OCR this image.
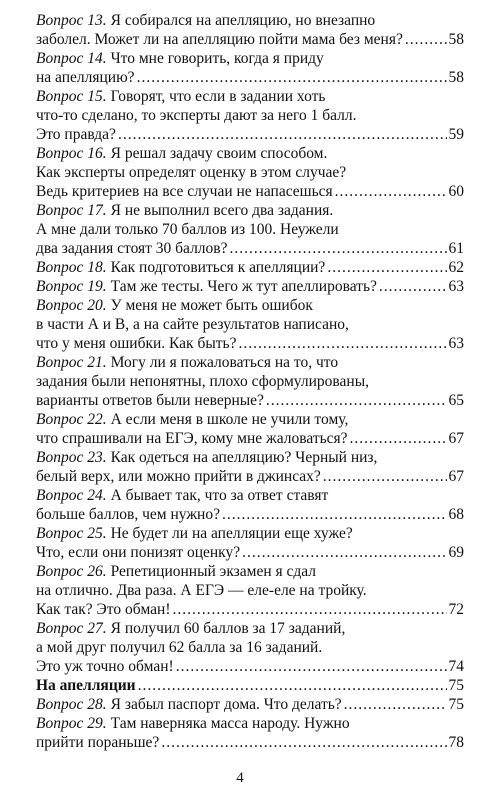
Вопрос 13. Я собирался на апелляцию, но внезапно
заболел. Может ли на апелляцию пойти мама без меня? .....	58
Вопрос 14. Что мне говорить, когда я приду
на апелляцию? .....	58
Вопрос 15. Говорят, что если в задании хоть
что-то сделано, то эксперты дают за него 1 балл.
Это правда? .....	59
Вопрос 16. Я решал задачу своим способом.
Как эксперты определят оценку в этом случае?
Ведь критериев на все случаи не напасешься .....	60
Вопрос 17. Я не выполнил всего два задания.
А мне дали только 70 баллов из 100. Неужели
два задания стоят 30 баллов? .....	61
Вопрос 18. Как подготовиться к апелляции? .....	62
Вопрос 19. Там же тесты. Чего ж тут апеллировать? .....	63
Вопрос 20. У меня не может быть ошибок
в части А и В, а на сайте результатов написано,
что у меня ошибки. Как быть? .....	63
Вопрос 21. Могу ли я пожаловаться на то, что
задания были непонятны, плохо сформулированы,
варианты ответов были неверные? .....	65
Вопрос 22. А если меня в школе не учили тому,
что спрашивали на ЕГЭ, кому мне жаловаться? .....	67
Вопрос 23. Как одеться на апелляцию? Черный низ,
белый верх, или можно прийти в джинсах? .....	67
Вопрос 24. А бывает так, что за ответ ставят
больше баллов, чем нужно? .....	68
Вопрос 25. Не будет ли на апелляции еще хуже?
Что, если они понизят оценку? .....	69
Вопрос 26. Репетиционный экзамен я сдал
на отлично. Два раза. А ЕГЭ — еле-еле на тройку.
Как так? Это обман! .....	72
Вопрос 27. Я получил 60 баллов за 17 заданий,
а мой друг получил 62 балла за 16 заданий.
Это уж точно обман! .....	74
На апелляции .....	75
Вопрос 28. Я забыл паспорт дома. Что делать? .....	75
Вопрос 29. Там наверняка масса народу. Нужно
прийти пораньше? .....	78
4
